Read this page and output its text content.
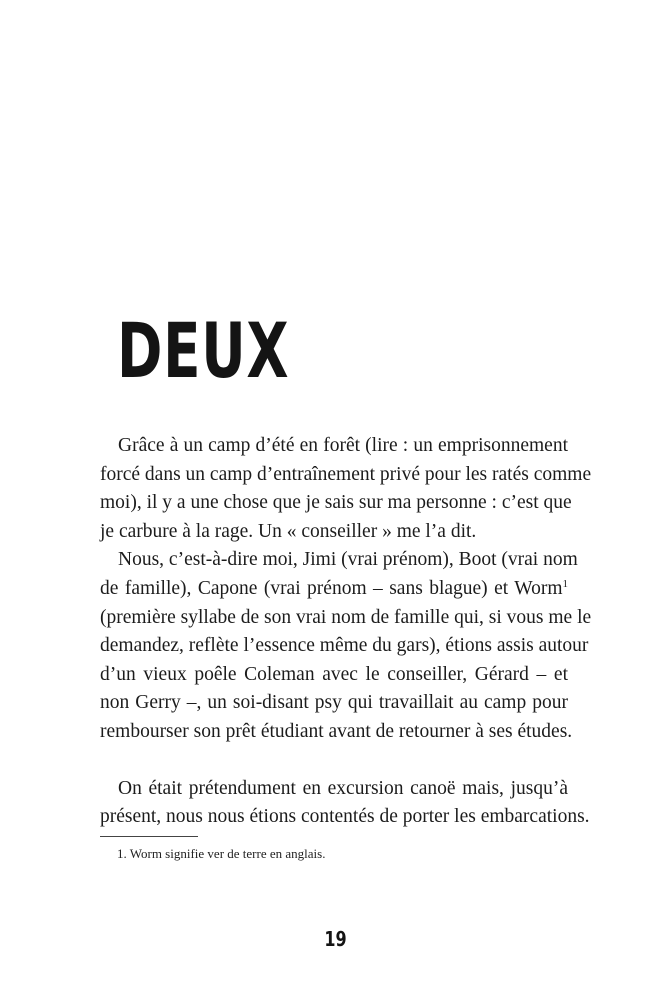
DEUX

Grâce à un camp d’été en forêt (lire : un emprisonnement
forcé dans un camp d’entraînement privé pour les ratés comme
moi), il y a une chose que je sais sur ma personne : c’est que
je carbure à la rage. Un « conseiller » me l’a dit.

Nous, c’est-à-dire moi, Jimi (vrai prénom), Boot (vrai nom
de famille), Capone (vrai prénom – sans blague) et Worm$^1$
(première syllabe de son vrai nom de famille qui, si vous me le
demandez, reflète l’essence même du gars), étions assis autour
d’un vieux poêle Coleman avec le conseiller, Gérard – et
non Gerry –, un soi-disant psy qui travaillait au camp pour
rembourser son prêt étudiant avant de retourner à ses études.

On était prétendument en excursion canoë mais, jusqu’à
présent, nous nous étions contentés de porter les embarcations.

1. Worm signifie ver de terre en anglais.
19
